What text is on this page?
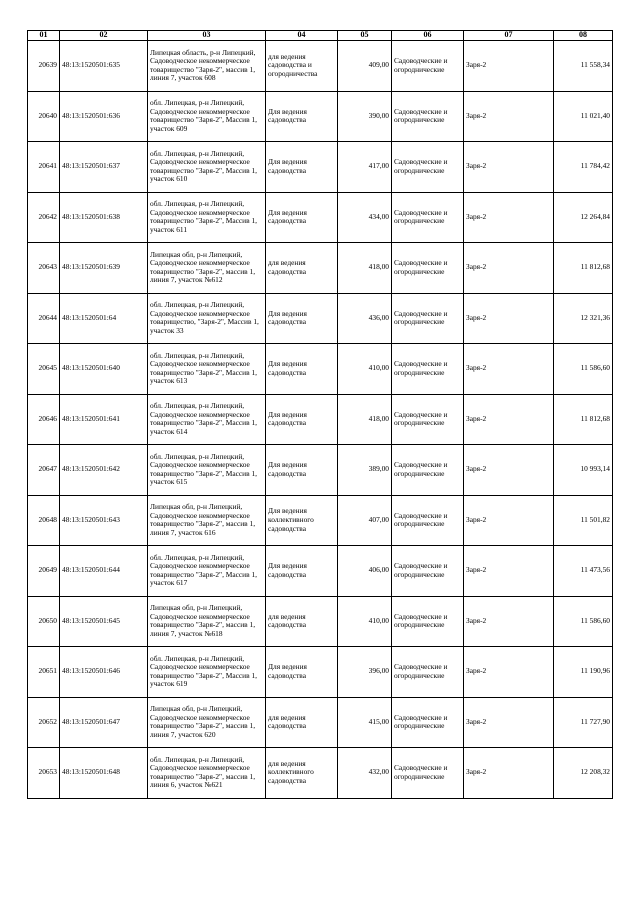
01	02	03	04	05	06	07	08
20639	48:13:1520501:635	Липецкая область, р-н Липецкий, Садоводческое некоммерческое товарищество "Заря-2", массив 1, линия 7, участок 608	для ведения садоводства и огородничества	409,00	Садоводческие и огороднические	Заря-2	11 558,34
20640	48:13:1520501:636	обл. Липецкая, р-н Липецкий, Садоводческое некоммерческое товарищество "Заря-2", Массив 1, участок 609	Для ведения садоводства	390,00	Садоводческие и огороднические	Заря-2	11 021,40
20641	48:13:1520501:637	обл. Липецкая, р-н Липецкий, Садоводческое некоммерческое товарищество "Заря-2", Массив 1, участок 610	Для ведения садоводства	417,00	Садоводческие и огороднические	Заря-2	11 784,42
20642	48:13:1520501:638	обл. Липецкая, р-н Липецкий, Садоводческое некоммерческое товарищество "Заря-2", Массив 1, участок 611	Для ведения садоводства	434,00	Садоводческие и огороднические	Заря-2	12 264,84
20643	48:13:1520501:639	Липецкая обл, р-н Липецкий, Садоводческое некоммерческое товарищество "Заря-2", массив 1, линия 7, участок №612	для ведения садоводства	418,00	Садоводческие и огороднические	Заря-2	11 812,68
20644	48:13:1520501:64	обл. Липецкая, р-н Липецкий, Садоводческое некоммерческое товарищество, "Заря-2", Массив 1, участок 33	Для ведения садоводства	436,00	Садоводческие и огороднические	Заря-2	12 321,36
20645	48:13:1520501:640	обл. Липецкая, р-н Липецкий, Садоводческое некоммерческое товарищество "Заря-2", Массив 1, участок 613	Для ведения садоводства	410,00	Садоводческие и огороднические	Заря-2	11 586,60
20646	48:13:1520501:641	обл. Липецкая, р-н Липецкий, Садоводческое некоммерческое товарищество "Заря-2", Массив 1, участок 614	Для ведения садоводства	418,00	Садоводческие и огороднические	Заря-2	11 812,68
20647	48:13:1520501:642	обл. Липецкая, р-н Липецкий, Садоводческое некоммерческое товарищество "Заря-2", Массив 1, участок 615	Для ведения садоводства	389,00	Садоводческие и огороднические	Заря-2	10 993,14
20648	48:13:1520501:643	Липецкая обл, р-н Липецкий, Садоводческое некоммерческое товарищество "Заря-2", массив 1, линия 7, участок 616	Для ведения коллективного садоводства	407,00	Садоводческие и огороднические	Заря-2	11 501,82
20649	48:13:1520501:644	обл. Липецкая, р-н Липецкий, Садоводческое некоммерческое товарищество "Заря-2", Массив 1, участок 617	Для ведения садоводства	406,00	Садоводческие и огороднические	Заря-2	11 473,56
20650	48:13:1520501:645	Липецкая обл, р-н Липецкий, Садоводческое некоммерческое товарищество "Заря-2", массив 1, линия 7, участок №618	для ведения садоводства	410,00	Садоводческие и огороднические	Заря-2	11 586,60
20651	48:13:1520501:646	обл. Липецкая, р-н Липецкий, Садоводческое некоммерческое товарищество "Заря-2", Массив 1, участок 619	Для ведения садоводства	396,00	Садоводческие и огороднические	Заря-2	11 190,96
20652	48:13:1520501:647	Липецкая обл, р-н Липецкий, Садоводческое некоммерческое товарищество "Заря-2", массив 1, линия 7, участок 620	для ведения садоводства	415,00	Садоводческие и огороднические	Заря-2	11 727,90
20653	48:13:1520501:648	обл. Липецкая, р-н Липецкий, Садоводческое некоммерческое товарищество "Заря-2", массив 1, линия 6, участок №621	для ведения коллективного садоводства	432,00	Садоводческие и огороднические	Заря-2	12 208,32
